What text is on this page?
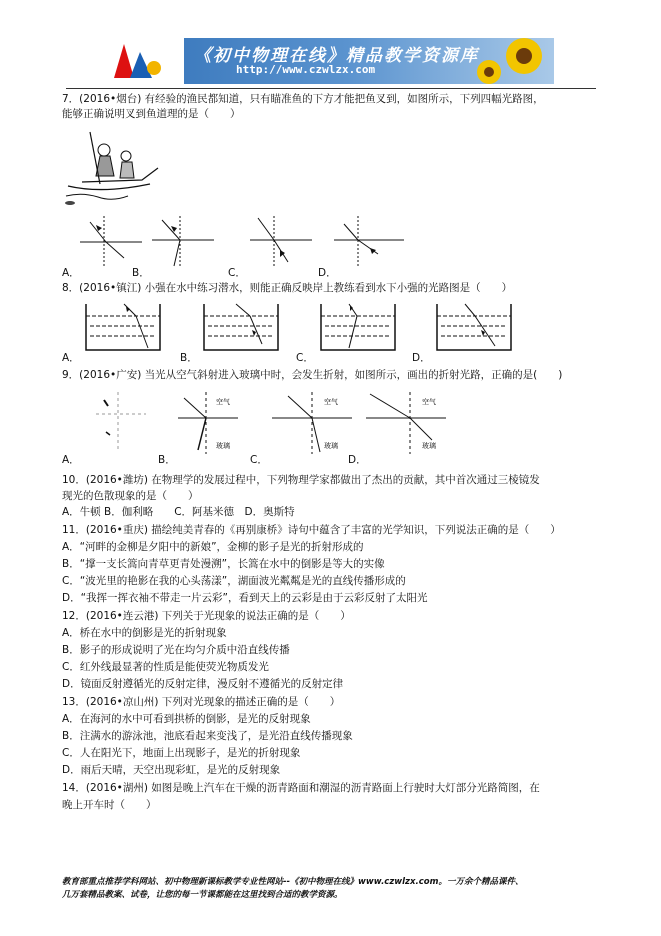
《初中物理在线》精品教学资源库
http://www.czwlzx.com
7．(2016•烟台) 有经验的渔民都知道，只有瞄准鱼的下方才能把鱼叉到，如图所示，下列四幅光路图，
能够正确说明叉到鱼道理的是（　　）
A．	B．	C．	D．
8．(2016•镇江) 小强在水中练习潜水，则能正确反映岸上教练看到水下小强的光路图是（　　）
A．	B．	C．	D．
9．(2016•广安) 当光从空气斜射进入玻璃中时，会发生折射，如图所示，画出的折射光路，正确的是(　　)
空气
玻璃
空气
玻璃
空气
玻璃
A．	B．	C．	D．
10．(2016•潍坊) 在物理学的发展过程中，下列物理学家都做出了杰出的贡献，其中首次通过三棱镜发
现光的色散现象的是（　　）
A．牛顿 B．伽利略　　C．阿基米德　D．奥斯特
11．(2016•重庆) 描绘纯美青春的《再别康桥》诗句中蕴含了丰富的光学知识，下列说法正确的是（　　）
A．“河畔的金柳是夕阳中的新娘”，金柳的影子是光的折射形成的
B．“撑一支长篙向青草更青处漫溯”，长篙在水中的倒影是等大的实像
C．“波光里的艳影在我的心头荡漾”，湖面波光粼粼是光的直线传播形成的
D．“我挥一挥衣袖不带走一片云彩”，看到天上的云彩是由于云彩反射了太阳光
12．(2016•连云港) 下列关于光现象的说法正确的是（　　）
A．桥在水中的倒影是光的折射现象
B．影子的形成说明了光在均匀介质中沿直线传播
C．红外线最显著的性质是能使荧光物质发光
D．镜面反射遵循光的反射定律，漫反射不遵循光的反射定律
13．(2016•凉山州) 下列对光现象的描述正确的是（　　）
A．在海河的水中可看到拱桥的倒影，是光的反射现象
B．注满水的游泳池，池底看起来变浅了，是光沿直线传播现象
C．人在阳光下，地面上出现影子，是光的折射现象
D．雨后天晴，天空出现彩虹，是光的反射现象
14．(2016•湖州) 如图是晚上汽车在干燥的沥青路面和潮湿的沥青路面上行驶时大灯部分光路简图，在
晚上开车时（　　）
教育部重点推荐学科网站、初中物理新课标教学专业性网站--《初中物理在线》www.czwlzx.com。一万余个精品课件、
几万套精品教案、试卷，让您的每一节课都能在这里找到合适的教学资源。
